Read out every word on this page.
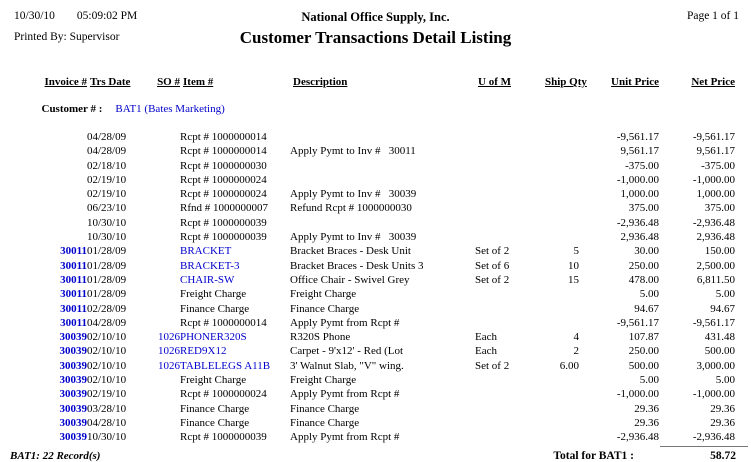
10/30/10 05:09:02 PM	National Office Supply, Inc.	Page 1 of 1
Printed By: Supervisor	Customer Transactions Detail Listing
Invoice #	Trs Date	SO #	Item #	Description	U of M	Ship Qty	Unit Price	Net Price

Customer # : BAT1 (Bates Marketing)								

	04/28/09		Rcpt # 1000000014				-9,561.17	-9,561.17
	04/28/09		Rcpt # 1000000014	Apply Pymt to Inv #   30011			9,561.17	9,561.17
	02/18/10		Rcpt # 1000000030				-375.00	-375.00
	02/19/10		Rcpt # 1000000024				-1,000.00	-1,000.00
	02/19/10		Rcpt # 1000000024	Apply Pymt to Inv #   30039			1,000.00	1,000.00
	06/23/10		Rfnd # 1000000007	Refund Rcpt # 1000000030			375.00	375.00
	10/30/10		Rcpt # 1000000039				-2,936.48	-2,936.48
	10/30/10		Rcpt # 1000000039	Apply Pymt to Inv #   30039			2,936.48	2,936.48
30011	01/28/09		BRACKET	Bracket Braces - Desk Unit	Set of 2	5	30.00	150.00
30011	01/28/09		BRACKET-3	Bracket Braces - Desk Units 3	Set of 6	10	250.00	2,500.00
30011	01/28/09		CHAIR-SW	Office Chair - Swivel Grey	Set of 2	15	478.00	6,811.50
30011	01/28/09		Freight Charge	Freight Charge			5.00	5.00
30011	02/28/09		Finance Charge	Finance Charge			94.67	94.67
30011	04/28/09		Rcpt # 1000000014	Apply Pymt from Rcpt #			-9,561.17	-9,561.17
30039	02/10/10	1026	PHONER320S	R320S Phone	Each	4	107.87	431.48
30039	02/10/10	1026	RED9X12	Carpet - 9'x12' - Red (Lot	Each	2	250.00	500.00
30039	02/10/10	1026	TABLELEGS A11B	3' Walnut Slab, "V" wing.	Set of 2	6.00	500.00	3,000.00
30039	02/10/10		Freight Charge	Freight Charge			5.00	5.00
30039	02/19/10		Rcpt # 1000000024	Apply Pymt from Rcpt #			-1,000.00	-1,000.00
30039	03/28/10		Finance Charge	Finance Charge			29.36	29.36
30039	04/28/10		Finance Charge	Finance Charge			29.36	29.36
30039	10/30/10		Rcpt # 1000000039	Apply Pymt from Rcpt #			-2,936.48	-2,936.48
BAT1: 22 Record(s)	Total for BAT1 :	58.72
